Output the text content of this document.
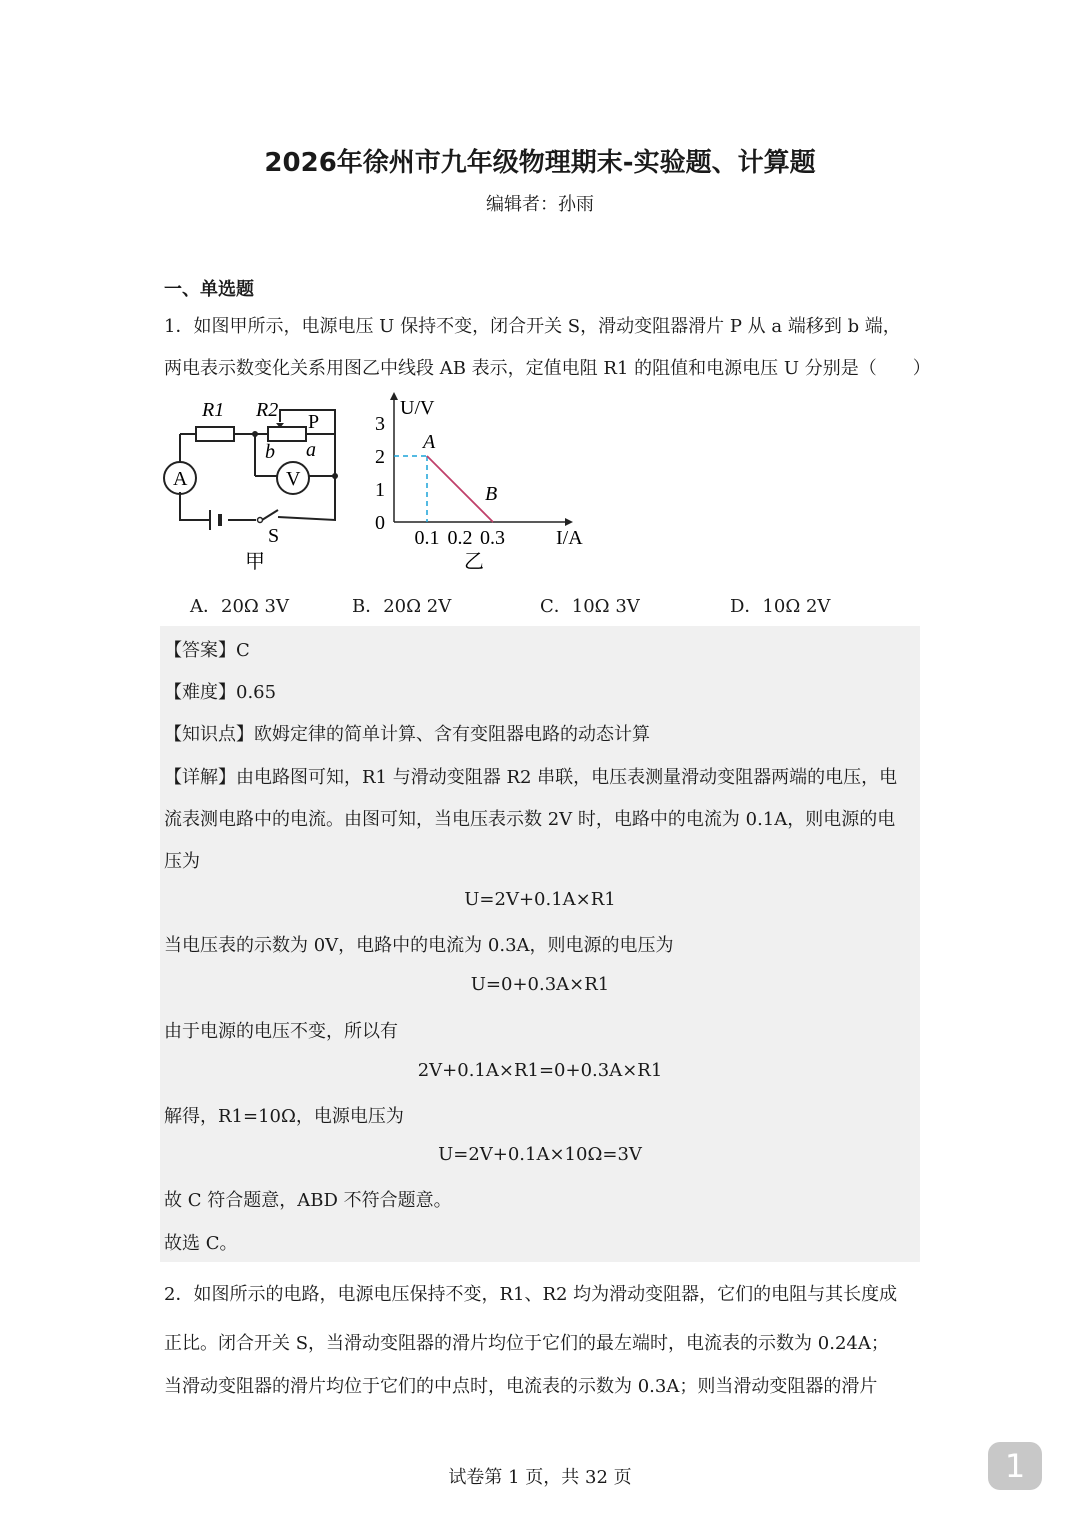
2026年徐州市九年级物理期末-实验题、计算题
编辑者：孙雨
一、单选题
1．如图甲所示，电源电压 U 保持不变，闭合开关 S，滑动变阻器滑片 P 从 a 端移到 b 端，
两电表示数变化关系用图乙中线段 AB 表示，定值电阻 R1 的阻值和电源电压 U 分别是（　　）
R1 R2
P
b a
A	V
S
甲
U/V
I/A
0
1
2
3
0.1 0.2 0.3
A
B
乙
A．20Ω 3V	B．20Ω 2V	C．10Ω 3V	D．10Ω 2V
【答案】C
【难度】0.65
【知识点】欧姆定律的简单计算、含有变阻器电路的动态计算
【详解】由电路图可知，R1 与滑动变阻器 R2 串联，电压表测量滑动变阻器两端的电压，电
流表测电路中的电流。由图可知，当电压表示数 2V 时，电路中的电流为 0.1A，则电源的电
压为
U=2V+0.1A×R1
当电压表的示数为 0V，电路中的电流为 0.3A，则电源的电压为
U=0+0.3A×R1
由于电源的电压不变，所以有
2V+0.1A×R1=0+0.3A×R1
解得，R1=10Ω，电源电压为
U=2V+0.1A×10Ω=3V
故 C 符合题意，ABD 不符合题意。
故选 C。
2．如图所示的电路，电源电压保持不变，R1、R2 均为滑动变阻器，它们的电阻与其长度成
正比。闭合开关 S，当滑动变阻器的滑片均位于它们的最左端时，电流表的示数为 0.24A；
当滑动变阻器的滑片均位于它们的中点时，电流表的示数为 0.3A；则当滑动变阻器的滑片
试卷第 1 页，共 32 页	1
